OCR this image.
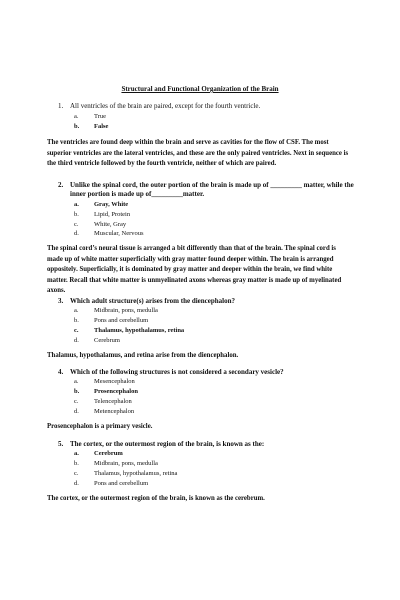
Structural and Functional Organization of the Brain
1. All ventricles of the brain are paired, except for the fourth ventricle.
a. True
b. False
The ventricles are found deep within the brain and serve as cavities for the flow of CSF. The most superior ventricles are the lateral ventricles, and these are the only paired ventricles. Next in sequence is the third ventricle followed by the fourth ventricle, neither of which are paired.
2. Unlike the spinal cord, the outer portion of the brain is made up of _________ matter, while the inner portion is made up of_________matter.
a. Gray, White
b. Lipid, Protein
c. White, Gray
d. Muscular, Nervous
The spinal cord’s neural tissue is arranged a bit differently than that of the brain. The spinal cord is made up of white matter superficially with gray matter found deeper within. The brain is arranged oppositely. Superficially, it is dominated by gray matter and deeper within the brain, we find white matter. Recall that white matter is unmyelinated axons whereas gray matter is made up of myelinated axons.
3. Which adult structure(s) arises from the diencephalon?
a. Midbrain, pons, medulla
b. Pons and cerebellum
c. Thalamus, hypothalamus, retina
d. Cerebrum
Thalamus, hypothalamus, and retina arise from the diencephalon.
4. Which of the following structures is not considered a secondary vesicle?
a. Mesencephalon
b. Prosencephalon
c. Telencephalon
d. Metencephalon
Prosencephalon is a primary vesicle.
5. The cortex, or the outermost region of the brain, is known as the:
a. Cerebrum
b. Midbrain, pons, medulla
c. Thalamus, hypothalamus, retina
d. Pons and cerebellum
The cortex, or the outermost region of the brain, is known as the cerebrum.
